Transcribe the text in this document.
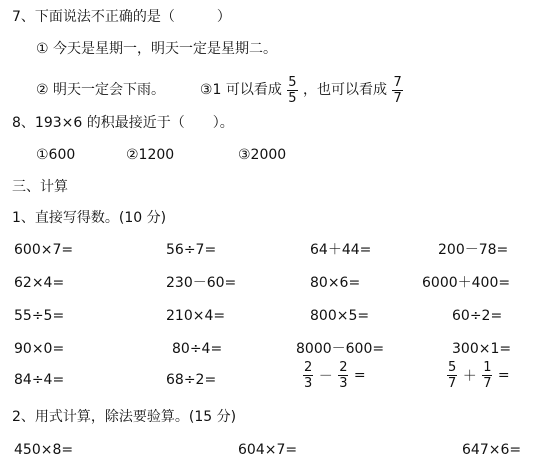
7、下面说法不正确的是（　　　）
① 今天是星期一，明天一定是星期二。
② 明天一定会下雨。 ③1 可以看成 $\frac{5}{5}$ ，也可以看成 $\frac{7}{7}$
8、193×6 的积最接近于（　　）。
①600	②1200	③2000
三、计算
1、直接写得数。(10 分)
600×7=	56÷7=	64＋44=	200－78=
62×4=	230－60=	80×6=	6000＋400=
55÷5=	210×4=	800×5=	60÷2=
90×0=	80÷4=	8000－600=	300×1=
84÷4=	68÷2=	$\frac{2}{3} - \frac{2}{3}$ =	$\frac{5}{7} + \frac{1}{7}$ =
2、用式计算，除法要验算。(15 分)
450×8=	604×7=	647×6=
